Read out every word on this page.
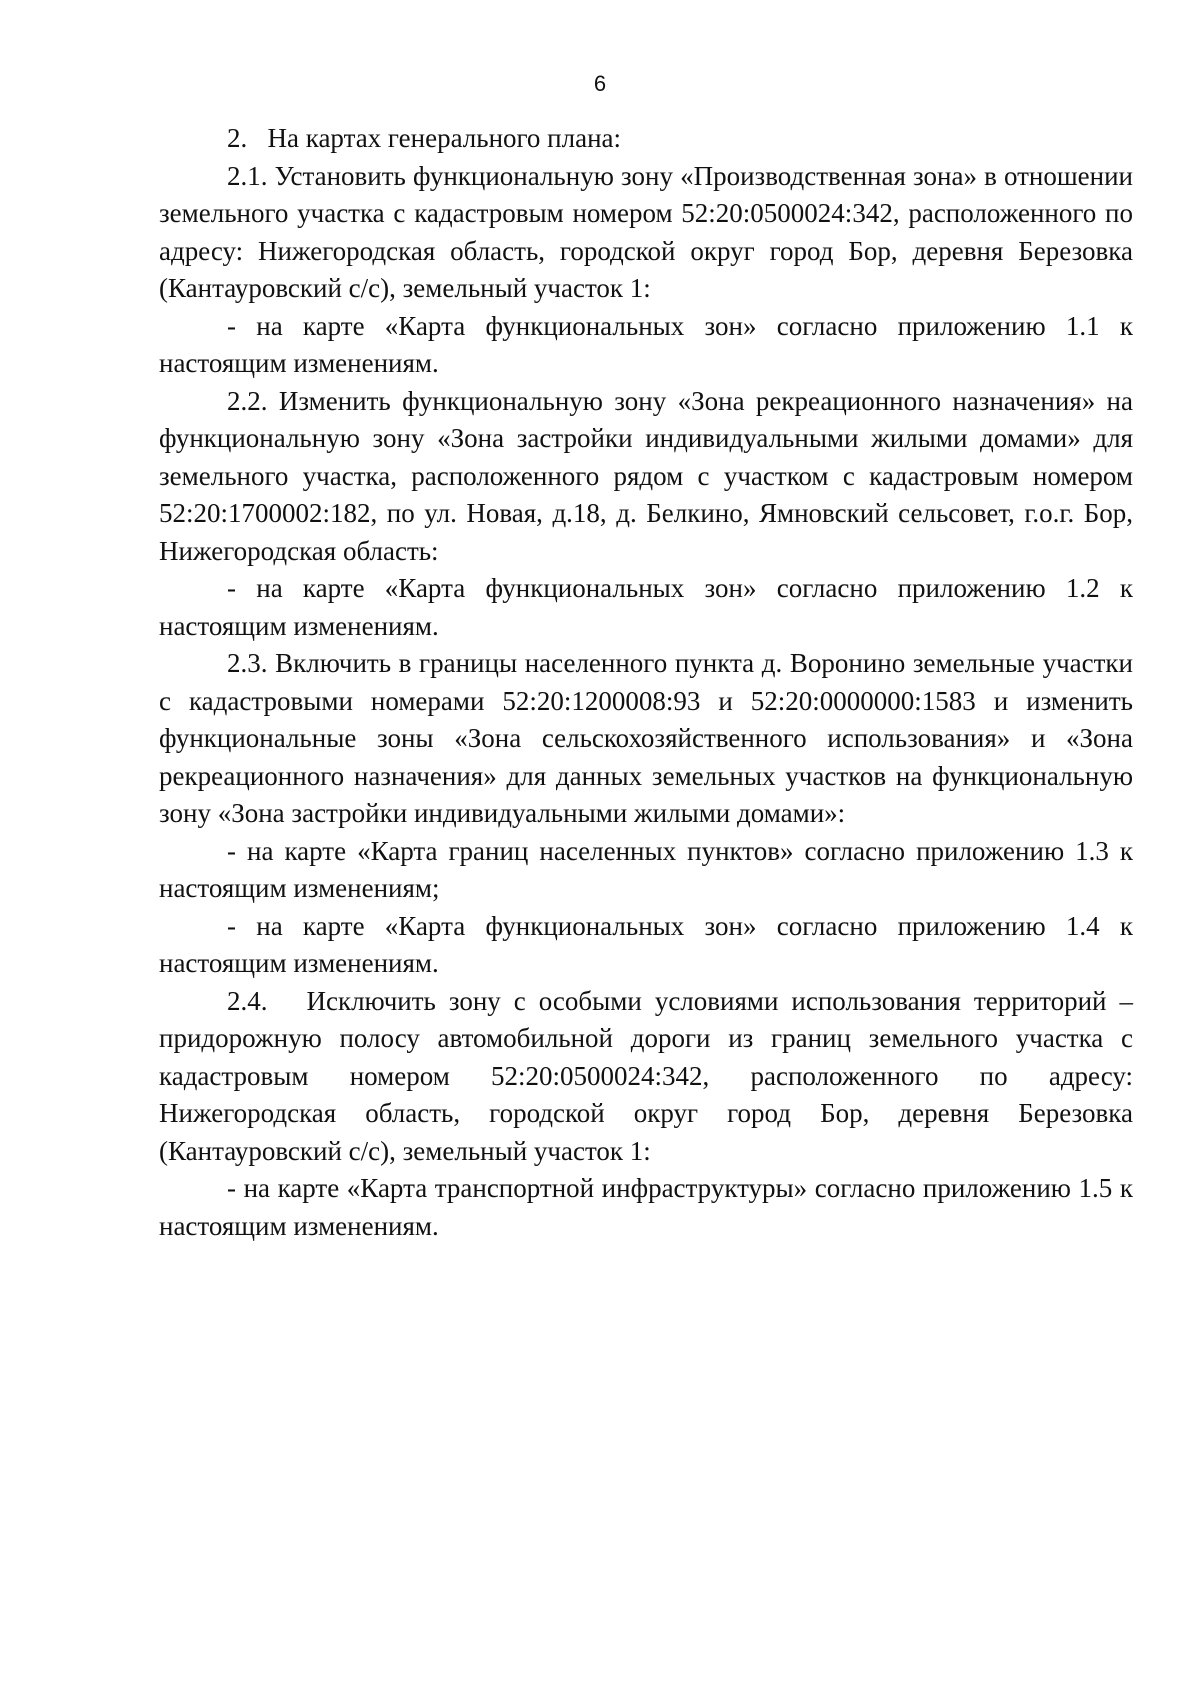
6

2.   На картах генерального плана:

2.1. Установить функциональную зону «Производственная зона» в отношении земельного участка с кадастровым номером 52:20:0500024:342, расположенного по адресу: Нижегородская область, городской округ город Бор, деревня Березовка (Кантауровский с/с), земельный участок 1:

- на карте «Карта функциональных зон» согласно приложению 1.1 к настоящим изменениям.

2.2. Изменить функциональную зону «Зона рекреационного назначения» на функциональную зону «Зона застройки индивидуальными жилыми домами» для земельного участка, расположенного рядом с участком с кадастровым номером 52:20:1700002:182, по ул. Новая, д.18, д. Белкино, Ямновский сельсовет, г.о.г. Бор, Нижегородская область:

- на карте «Карта функциональных зон» согласно приложению 1.2 к настоящим изменениям.

2.3. Включить в границы населенного пункта д. Воронино земельные участки с кадастровыми номерами 52:20:1200008:93 и 52:20:0000000:1583 и изменить функциональные зоны «Зона сельскохозяйственного использования» и «Зона рекреационного назначения» для данных земельных участков на функциональную зону «Зона застройки индивидуальными жилыми домами»:

- на карте «Карта границ населенных пунктов» согласно приложению 1.3 к настоящим изменениям;

- на карте «Карта функциональных зон» согласно приложению 1.4 к настоящим изменениям.

2.4.   Исключить зону с особыми условиями использования территорий – придорожную полосу автомобильной дороги из границ земельного участка с кадастровым номером 52:20:0500024:342, расположенного по адресу: Нижегородская область, городской округ город Бор, деревня Березовка (Кантауровский с/с), земельный участок 1:

- на карте «Карта транспортной инфраструктуры» согласно приложению 1.5 к настоящим изменениям.
